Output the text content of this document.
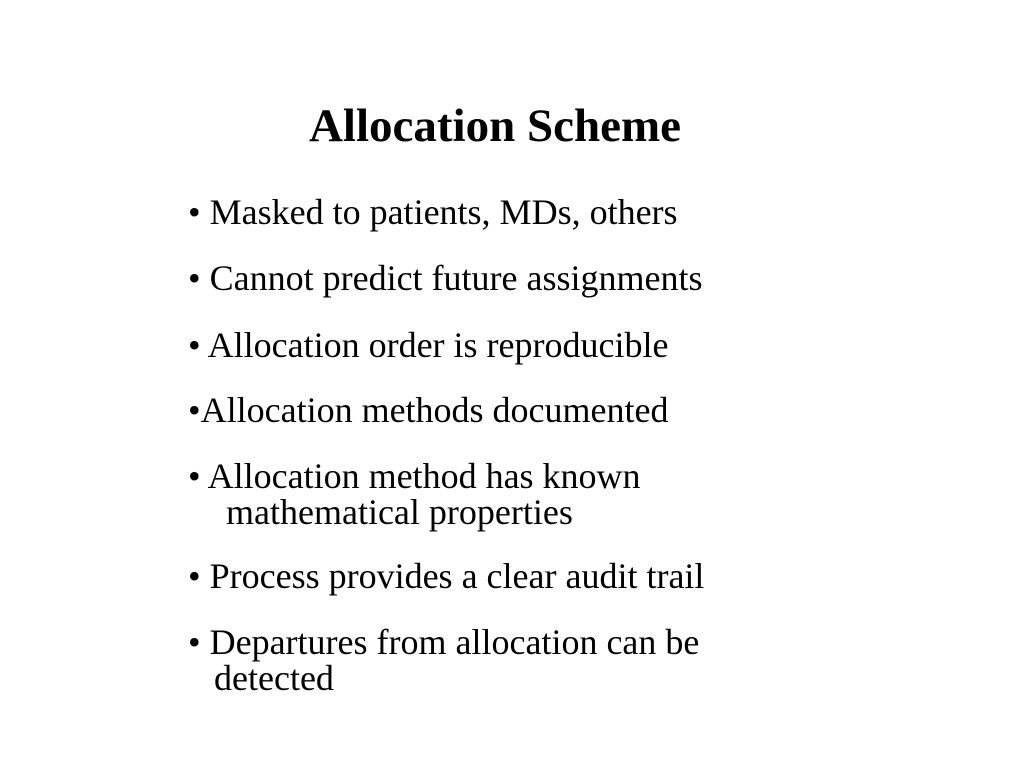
Allocation Scheme
• Masked to patients, MDs, others
• Cannot predict future assignments
• Allocation order is reproducible
•Allocation methods documented
• Allocation method has known
mathematical properties
• Process provides a clear audit trail
• Departures from allocation can be
detected
